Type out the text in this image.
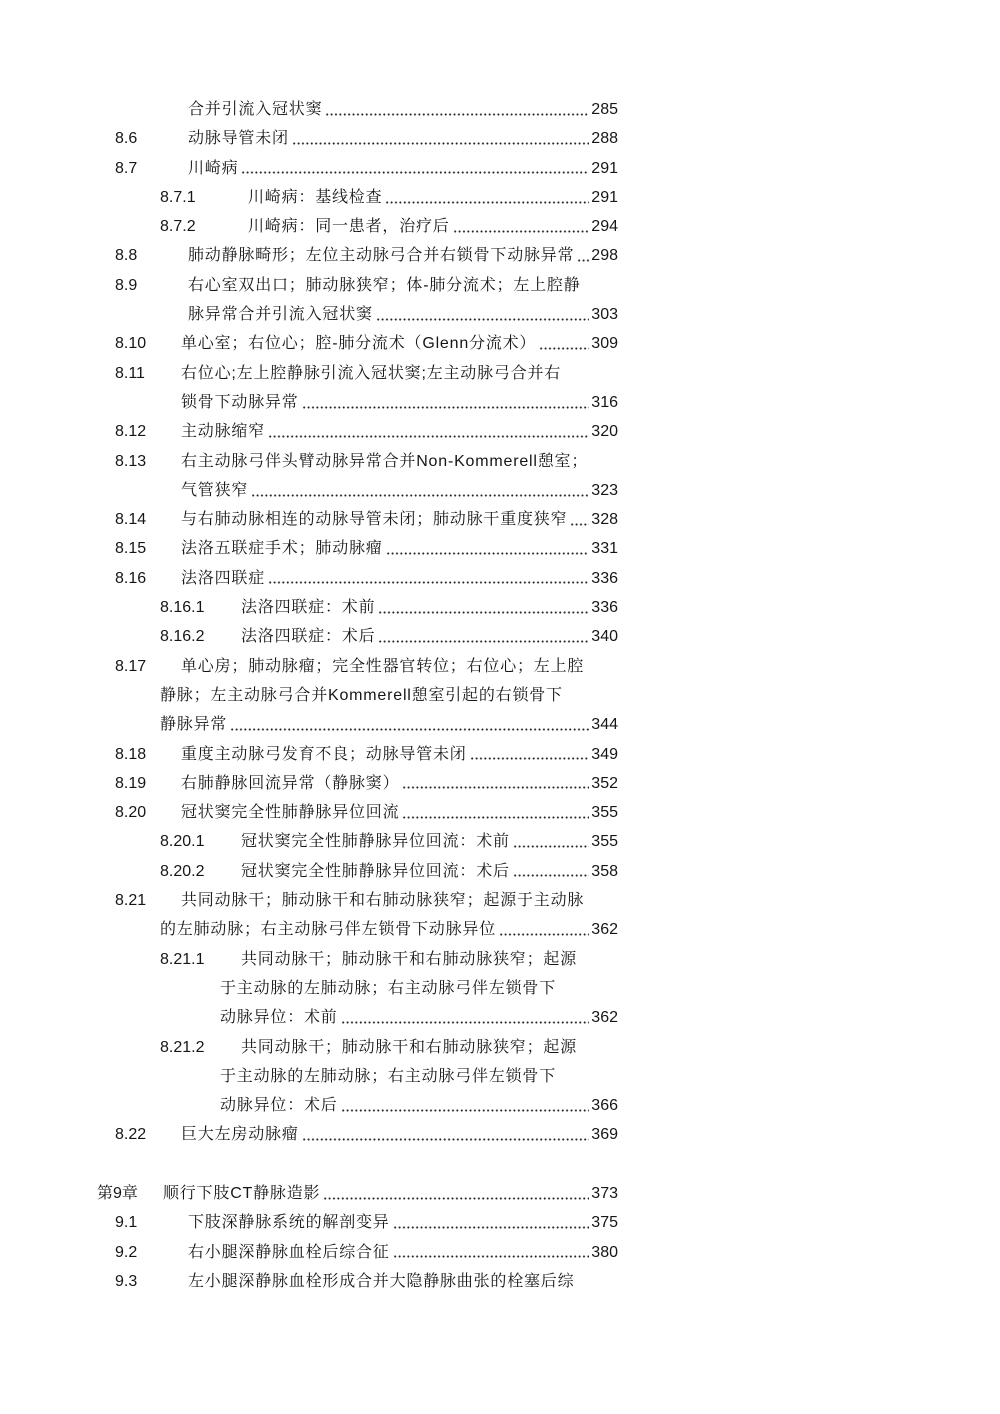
合并引流入冠状窦	285
8.6	动脉导管未闭	288
8.7	川崎病	291
8.7.1	川崎病：基线检查	291
8.7.2	川崎病：同一患者，治疗后	294
8.8	肺动静脉畸形；左位主动脉弓合并右锁骨下动脉异常 298
8.9	右心室双出口；肺动脉狭窄；体-肺分流术；左上腔静
脉异常合并引流入冠状窦	303
8.10 单心室；右位心；腔-肺分流术（Glenn分流术）	309
8.11 右位心;左上腔静脉引流入冠状窦;左主动脉弓合并右
锁骨下动脉异常	316
8.12 主动脉缩窄	320
8.13 右主动脉弓伴头臂动脉异常合并Non-Kommerell憩室；
气管狭窄	323
8.14 与右肺动脉相连的动脉导管未闭；肺动脉干重度狭窄 328
8.15 法洛五联症手术；肺动脉瘤	331
8.16 法洛四联症	336
8.16.1 法洛四联症：术前	336
8.16.2 法洛四联症：术后	340
8.17 单心房；肺动脉瘤；完全性器官转位；右位心；左上腔
静脉；左主动脉弓合并Kommerell憩室引起的右锁骨下
静脉异常	344
8.18 重度主动脉弓发育不良；动脉导管未闭	349
8.19 右肺静脉回流异常（静脉窦）	352
8.20 冠状窦完全性肺静脉异位回流	355
8.20.1 冠状窦完全性肺静脉异位回流：术前	355
8.20.2 冠状窦完全性肺静脉异位回流：术后	358
8.21 共同动脉干；肺动脉干和右肺动脉狭窄；起源于主动脉
的左肺动脉；右主动脉弓伴左锁骨下动脉异位	362
8.21.1 共同动脉干；肺动脉干和右肺动脉狭窄；起源
于主动脉的左肺动脉；右主动脉弓伴左锁骨下
动脉异位：术前	362
8.21.2 共同动脉干；肺动脉干和右肺动脉狭窄；起源
于主动脉的左肺动脉；右主动脉弓伴左锁骨下
动脉异位：术后	366
8.22 巨大左房动脉瘤	369
第9章 顺行下肢CT静脉造影	373
9.1	下肢深静脉系统的解剖变异	375
9.2	右小腿深静脉血栓后综合征	380
9.3	左小腿深静脉血栓形成合并大隐静脉曲张的栓塞后综
